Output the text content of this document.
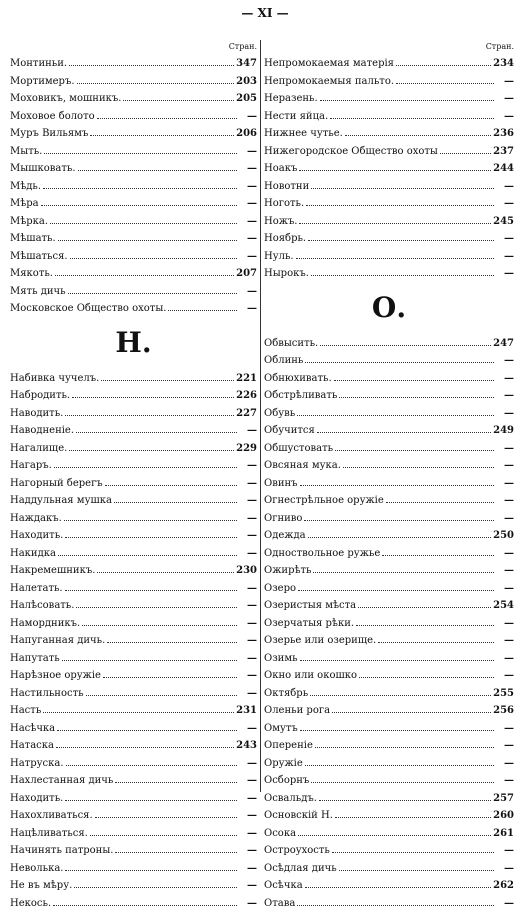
— XI —
Стран.
Монтиньи.	347
Мортимеръ.	203
Моховикъ, мошникъ.	205
Моховое болото	—
Муръ Вильямъ	206
Мыть.	—
Мышковать.	—
Мѣдь.	—
Мѣра	—
Мѣрка.	—
Мѣшать.	—
Мѣшаться.	—
Мякоть.	207
Мять дичь	—
Московское Общество охоты.	—
Н.
Набивка чучелъ.	221
Набродить.	226
Наводить.	227
Наводненіе.	—
Нагалище.	229
Нагаръ.	—
Нагорный берегъ	—
Наддульная мушка	—
Наждакъ.	—
Находить.	—
Накидка	—
Накремешникъ.	230
Налетать.	—
Налѣсовать.	—
Намордникъ.	—
Напуганная дичь.	—
Напутать	—
Нарѣзное оружіе	—
Настильность	—
Насть	231
Насѣчка	—
Натаска	243
Натруска.	—
Нахлестанная дичь	—
Находить.	—
Нахохливаться.	—
Нацѣливаться.	—
Начинять патроны.	—
Неволька.	—
Не въ мѣру.	—
Некось.	—
Стран.
Непромокаемая матерія	234
Непромокаемыя пальто.	—
Неразень.	—
Нести яйца.	—
Нижнее чутье.	236
Нижегородское Общество охоты	237
Ноакъ	244
Новотни	—
Ноготь.	—
Ножъ.	245
Ноябрь.	—
Нуль.	—
Нырокъ.	—
О.
Обвысить.	247
Облинь	—
Обнюхивать.	—
Обстрѣливать	—
Обувь	—
Обучится	249
Обшустовать	—
Овсяная мука.	—
Овинъ	—
Огнестрѣльное оружіе	—
Огниво	—
Одежда	250
Одноствольное ружье	—
Ожирѣть	—
Озеро	—
Озеристыя мѣста	254
Озерчатыя рѣки.	—
Озерье или озерище.	—
Озимь	—
Окно или окошко	—
Октябрь	255
Оленьи рога	256
Омутъ	—
Оперенiе	—
Оружіе	—
Осборнъ	—
Освальдъ.	257
Основскій Н.	260
Осока	261
Остроухость	—
Осѣдлая дичь	—
Осѣчка	262
Отава	—
